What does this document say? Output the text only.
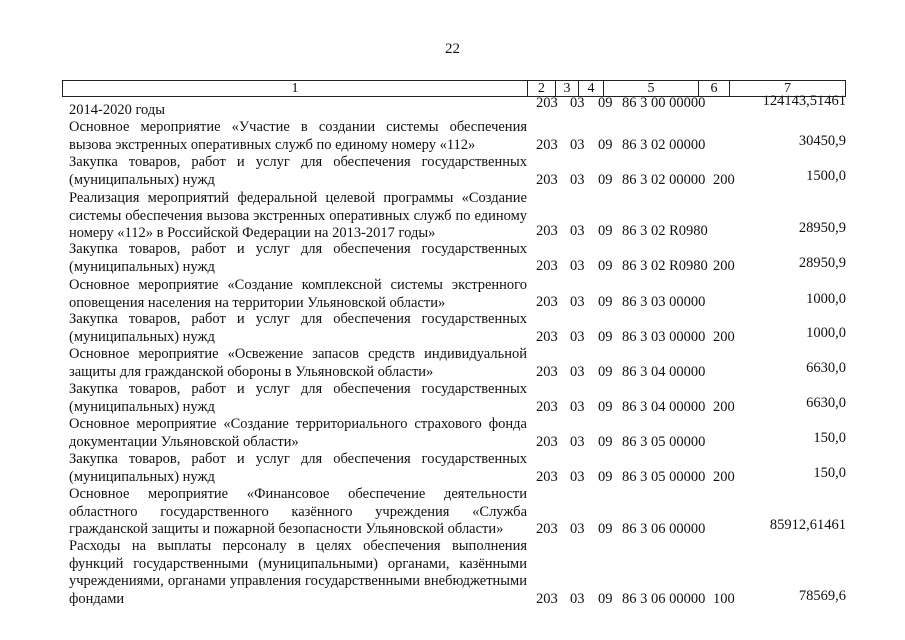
22
1	2	3	4	5	6	7
2014-2020 годы	203 03 09 86 3 00 00000	124143,51461
Основное мероприятие «Участие в создании системы обеспечения вызова экстренных оперативных служб по единому номеру «112»	203 03 09 86 3 02 00000	30450,9
Закупка товаров, работ и услуг для обеспечения государственных (муниципальных) нужд	203 03 09 86 3 02 00000 200	1500,0
Реализация мероприятий федеральной целевой программы «Создание системы обеспечения вызова экстренных оперативных служб по единому номеру «112» в Российской Федерации на 2013-2017 годы»	203 03 09 86 3 02 R0980	28950,9
Закупка товаров, работ и услуг для обеспечения государственных (муниципальных) нужд	203 03 09 86 3 02 R0980 200	28950,9
Основное мероприятие «Создание комплексной системы экстренного оповещения населения на территории Ульяновской области»	203 03 09 86 3 03 00000	1000,0
Закупка товаров, работ и услуг для обеспечения государственных (муниципальных) нужд	203 03 09 86 3 03 00000 200	1000,0
Основное мероприятие «Освежение запасов средств индивидуальной защиты для гражданской обороны в Ульяновской области»	203 03 09 86 3 04 00000	6630,0
Закупка товаров, работ и услуг для обеспечения государственных (муниципальных) нужд	203 03 09 86 3 04 00000 200	6630,0
Основное мероприятие «Создание территориального страхового фонда документации Ульяновской области»	203 03 09 86 3 05 00000	150,0
Закупка товаров, работ и услуг для обеспечения государственных (муниципальных) нужд	203 03 09 86 3 05 00000 200	150,0
Основное мероприятие «Финансовое обеспечение деятельности областного государственного казённого учреждения «Служба гражданской защиты и пожарной безопасности Ульяновской области»	203 03 09 86 3 06 00000	85912,61461
Расходы на выплаты персоналу в целях обеспечения выполнения функций государственными (муниципальными) органами, казёнными учреждениями, органами управления государственными внебюджетными фондами	203 03 09 86 3 06 00000 100	78569,6
